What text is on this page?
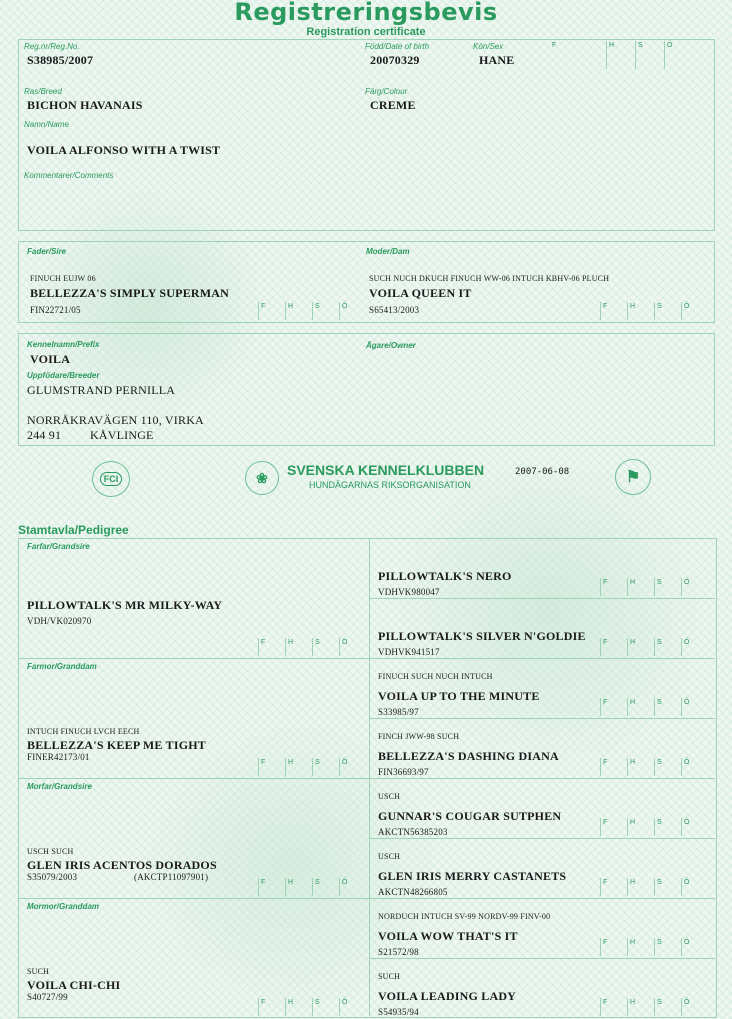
Registreringsbevis
Registration certificate
Reg.nr/Reg.No.
S38985/2007
Född/Date of birth
20070329
Kön/Sex
HANE
F	H	S	Ö
Ras/Breed
BICHON HAVANAIS
Färg/Colour
CREME
Namn/Name
VOILA ALFONSO WITH A TWIST
Kommentarer/Comments
Fader/Sire
FINUCH EUJW 06
BELLEZZA'S SIMPLY SUPERMAN
FIN22721/05	F	H	S	Ö
Moder/Dam
SUCH NUCH DKUCH FINUCH WW-06 INTUCH KBHV-06 PLUCH
VOILA QUEEN IT
S65413/2003	F	H	S	Ö
Kennelnamn/Prefix
VOILA
Ägare/Owner
Uppfödare/Breeder
GLUMSTRAND PERNILLA
NORRÅKRAVÄGEN 110, VIRKA
244 91 KÅVLINGE
FCI	❀	SVENSKA KENNELKLUBBEN
HUNDÄGARNAS RIKSORGANISATION
2007-06-08	⚑
Stamtavla/Pedigree
Farfar/Grandsire
PILLOWTALK'S MR MILKY-WAY
VDH/VK020970
F	H	S	Ö
Farmor/Granddam
INTUCH FINUCH LVCH EECH
BELLEZZA'S KEEP ME TIGHT
FINER42173/01
F	H	S	Ö
Morfar/Grandsire
USCH SUCH
GLEN IRIS ACENTOS DORADOS
S35079/2003	(AKCTP11097901)
F	H	S	Ö
Mormor/Granddam
SUCH
VOILA CHI-CHI
S40727/99
F	H	S	Ö
PILLOWTALK'S NERO
VDHVK980047
F	H	S	Ö
PILLOWTALK'S SILVER N'GOLDIE
VDHVK941517
F	H	S	Ö
FINUCH SUCH NUCH INTUCH
VOILA UP TO THE MINUTE
S33985/97
F	H	S	Ö
FINCH JWW-98 SUCH
BELLEZZA'S DASHING DIANA
FIN36693/97
F	H	S	Ö
USCH
GUNNAR'S COUGAR SUTPHEN
AKCTN56385203
F	H	S	Ö
USCH
GLEN IRIS MERRY CASTANETS
AKCTN48266805
F	H	S	Ö
NORDUCH INTUCH SV-99 NORDV-99 FINV-00
VOILA WOW THAT'S IT
S21572/98
F	H	S	Ö
SUCH
VOILA LEADING LADY
S54935/94
F	H	S	Ö
